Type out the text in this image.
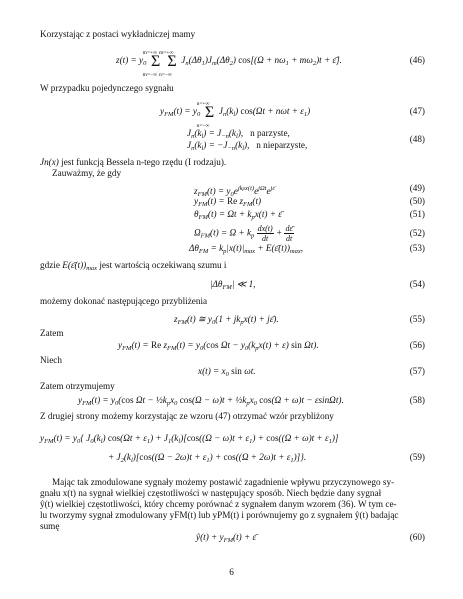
Korzystając z postaci wykładniczej mamy
$z(t) = y_0$
m=+∞
Σ
m=−∞

m=+∞
Σ
n=−∞
$J_n(\Delta\theta_1)J_m(\Delta\theta_2) \cos[(\Omega + n\omega_1 + m\omega_2)t$ + ε̄].	(46)
W przypadku pojedynczego sygnału
$y_{FM}(t) = y_0$
n=+∞
Σ
n=−∞
$J_n(k_l) \cos(\Omega t + n\omega t + \varepsilon_1)$	(47)
$J_n(k_l) = J_{-n}(k_l)$,   n parzyste,
$J_n(k_l) = -J_{-n}(k_l)$,   n nieparzyste,
(48)
Jn(x) jest funkcją Bessela n-tego rzędu (I rodzaju).
Zauważmy, że gdy
$z_{FM}(t) = y_0e^{jkpx(t)}e^{j\Omega t}e^{j\varepsilon̄}$	(49)
$y_{FM}(t) = Re$ $z_{FM}(t)$	(50)
$\theta_{FM}(t) = \Omega t + k_px(t)$ + ε̄	(51)
$\Omega_{FM}(t) = \Omega + k_p \frac{dx(t)}{dt} + \frac{d\varepsilon̄}{dt}$	(52)
$\Delta\theta_{FM} = k_p|x(t)|_{max}$ + $E(\varepsilon̄(t))_{max}$,	(53)
gdzie $E(\varepsilon̄(t))_{max}$ jest wartością oczekiwaną szumu i
$|\Delta\theta_{FM}|$ ≪ 1,	(54)
możemy dokonać następującego przybliżenia
$z_{FM}(t)$ ≅ $y_0(1 + jk_px(t)$ + jε̄).	(55)
Zatem
$y_{FM}(t) = Re$ $z_{FM}(t) = y_0(\cos$ $\Omega t - y_0(k_px(t) + \varepsilon)$ sin Ωt).	(56)
Niech
$x(t) = x_0$ sin ωt.	(57)
Zatem otrzymujemy
$y_{FM}(t) = y_0(\cos$ $\Omega t - \frac{1}{2}k_px_0$ $\cos(\Omega - \omega)t + \frac{1}{2}k_px_0$ cos(Ω + ω)t − εsinΩt).	(58)
Z drugiej strony możemy korzystając ze wzoru (47) otrzymać wzór przybliżony
$y_{FM}(t) = y_0${ $J_0(k_l) \cos(\Omega t + \varepsilon_1) + J_1(k_l)[\cos((\Omega - \omega)t + \varepsilon_1) + \cos((\Omega + \omega)t + \varepsilon_1)]$
+ $J_2(k_l)[\cos((\Omega - 2\omega)t + \varepsilon_1) + \cos((\Omega + 2\omega)t + \varepsilon_1)]$}.	(59)
Mając tak zmodulowane sygnały możemy postawić zagadnienie wpływu przyczynowego sy-
gnału x(t) na sygnał wielkiej częstotliwości w następujący sposób. Niech będzie dany sygnał
ŷ(t) wielkiej częstotliwości, który chcemy porównać z sygnałem danym wzorem (36). W tym ce-
lu tworzymy sygnał zmodulowany yFM(t) lub yPM(t) i porównujemy go z sygnałem ŷ(t) badając
sumę
ŷ(t) + $y_{FM}(t)$ + ε̄	(60)
6
